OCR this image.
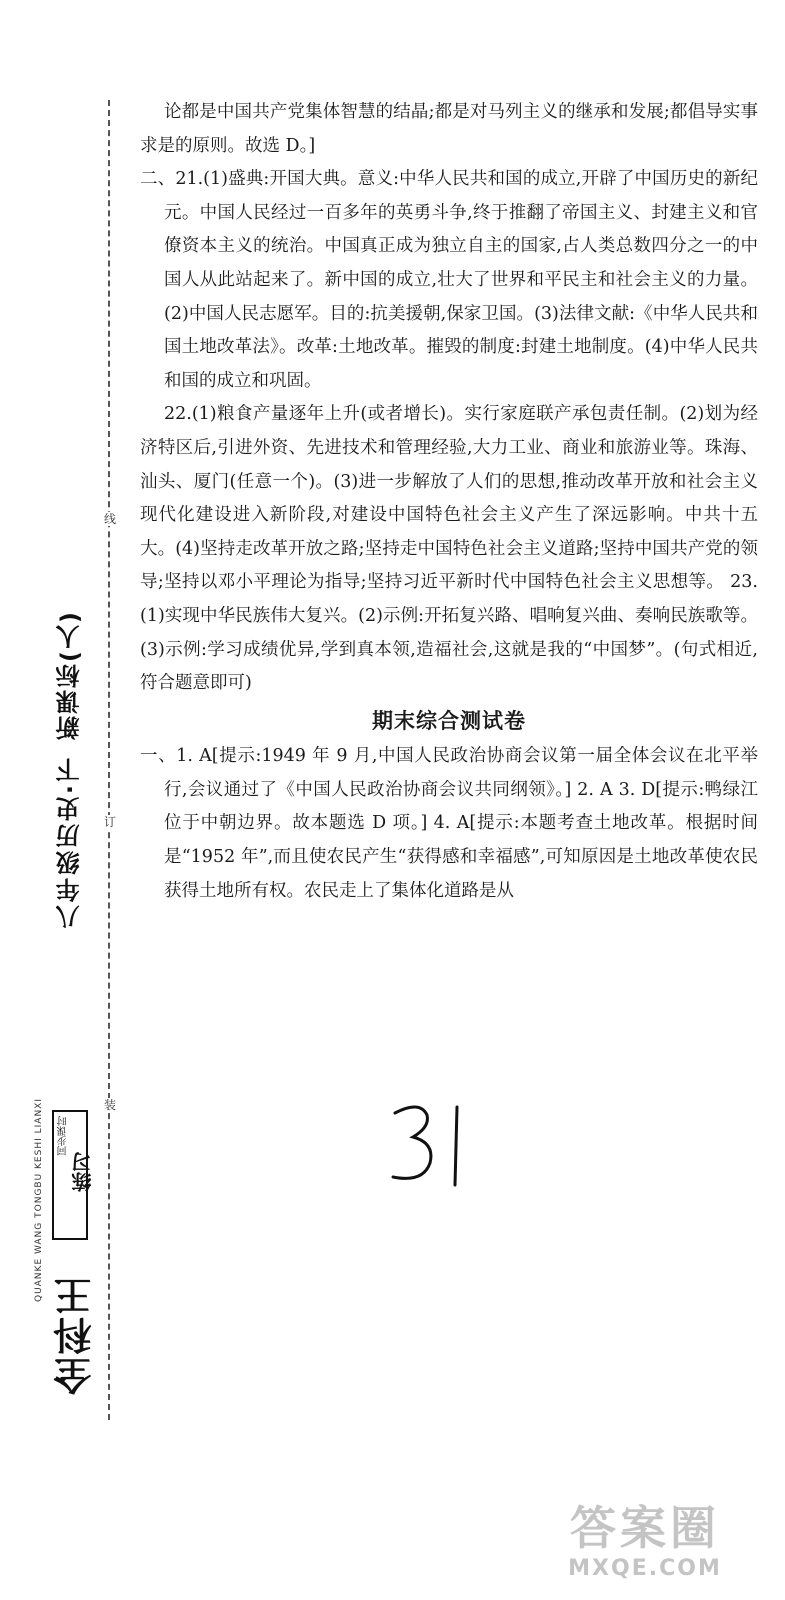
线
订
装
新课标(人)
八年级历史·下
QUANKE WANG TONGBU KESHI LIANXI 同步课时
练习
全科王

论都是中国共产党集体智慧的结晶;都是对马列主义的继承和发展;都倡导实事求是的原则。故选 D。]

二、21.(1)盛典:开国大典。意义:中华人民共和国的成立,开辟了中国历史的新纪元。中国人民经过一百多年的英勇斗争,终于推翻了帝国主义、封建主义和官僚资本主义的统治。中国真正成为独立自主的国家,占人类总数四分之一的中国人从此站起来了。新中国的成立,壮大了世界和平民主和社会主义的力量。(2)中国人民志愿军。目的:抗美援朝,保家卫国。(3)法律文献:《中华人民共和国土地改革法》。改革:土地改革。摧毁的制度:封建土地制度。(4)中华人民共和国的成立和巩固。

22.(1)粮食产量逐年上升(或者增长)。实行家庭联产承包责任制。(2)划为经济特区后,引进外资、先进技术和管理经验,大力工业、商业和旅游业等。珠海、汕头、厦门(任意一个)。(3)进一步解放了人们的思想,推动改革开放和社会主义现代化建设进入新阶段,对建设中国特色社会主义产生了深远影响。中共十五大。(4)坚持走改革开放之路;坚持走中国特色社会主义道路;坚持中国共产党的领导;坚持以邓小平理论为指导;坚持习近平新时代中国特色社会主义思想等。 23.(1)实现中华民族伟大复兴。(2)示例:开拓复兴路、唱响复兴曲、奏响民族歌等。(3)示例:学习成绩优异,学到真本领,造福社会,这就是我的“中国梦”。(句式相近,符合题意即可)

期末综合测试卷

一、1. A[提示:1949 年 9 月,中国人民政治协商会议第一届全体会议在北平举行,会议通过了《中国人民政治协商会议共同纲领》。] 2. A 3. D[提示:鸭绿江位于中朝边界。故本题选 D 项。] 4. A[提示:本题考查土地改革。根据时间是“1952 年”,而且使农民产生“获得感和幸福感”,可知原因是土地改革使农民获得土地所有权。农民走上了集体化道路是从

答案圈
MXQE.COM
